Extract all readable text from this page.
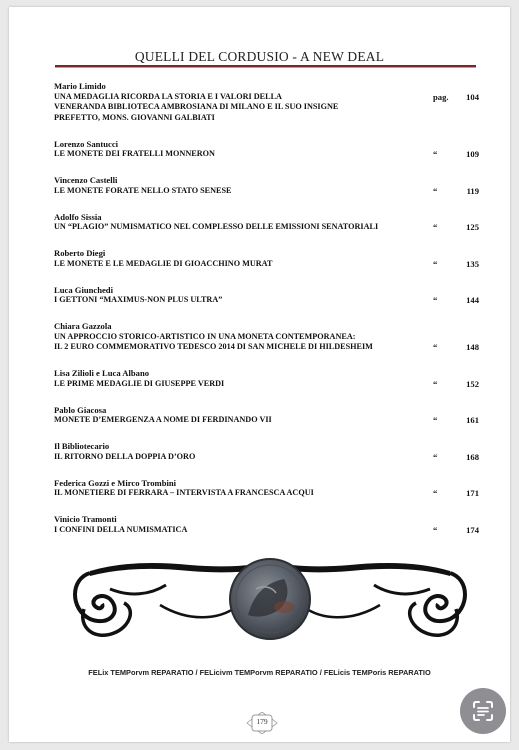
QUELLI DEL CORDUSIO - A NEW DEAL
Mario Limido
UNA MEDAGLIA RICORDA LA STORIA E I VALORI DELLA
VENERANDA BIBLIOTECA AMBROSIANA DI MILANO E IL SUO INSIGNE
PREFETTO, MONS. GIOVANNI GALBIATI
pag.	104
Lorenzo Santucci
LE MONETE DEI FRATELLI MONNERON	“	109
Vincenzo Castelli
LE MONETE FORATE NELLO STATO SENESE	“	119
Adolfo Sissia
UN “PLAGIO” NUMISMATICO NEL COMPLESSO DELLE EMISSIONI SENATORIALI	“	125
Roberto Diegi
LE MONETE E LE MEDAGLIE DI GIOACCHINO MURAT	“	135
Luca Giunchedi
I GETTONI “MAXIMUS-NON PLUS ULTRA”	“	144
Chiara Gazzola
UN APPROCCIO STORICO-ARTISTICO IN UNA MONETA CONTEMPORANEA:
IL 2 EURO COMMEMORATIVO TEDESCO 2014 DI SAN MICHELE DI HILDESHEIM	“	148
Lisa Zilioli e Luca Albano
LE PRIME MEDAGLIE DI GIUSEPPE VERDI	“	152
Pablo Giacosa
MONETE D’EMERGENZA A NOME DI FERDINANDO VII	“	161
Il Bibliotecario
IL RITORNO DELLA DOPPIA D’ORO	“	168
Federica Gozzi e Mirco Trombini
IL MONETIERE DI FERRARA – INTERVISTA A FRANCESCA ACQUI	“	171
Vinicio Tramonti
I CONFINI DELLA NUMISMATICA	“	174
FELix TEMPorvm REPARATIO / FELicivm TEMPorvm REPARATIO / FELicis TEMPoris REPARATIO
179
